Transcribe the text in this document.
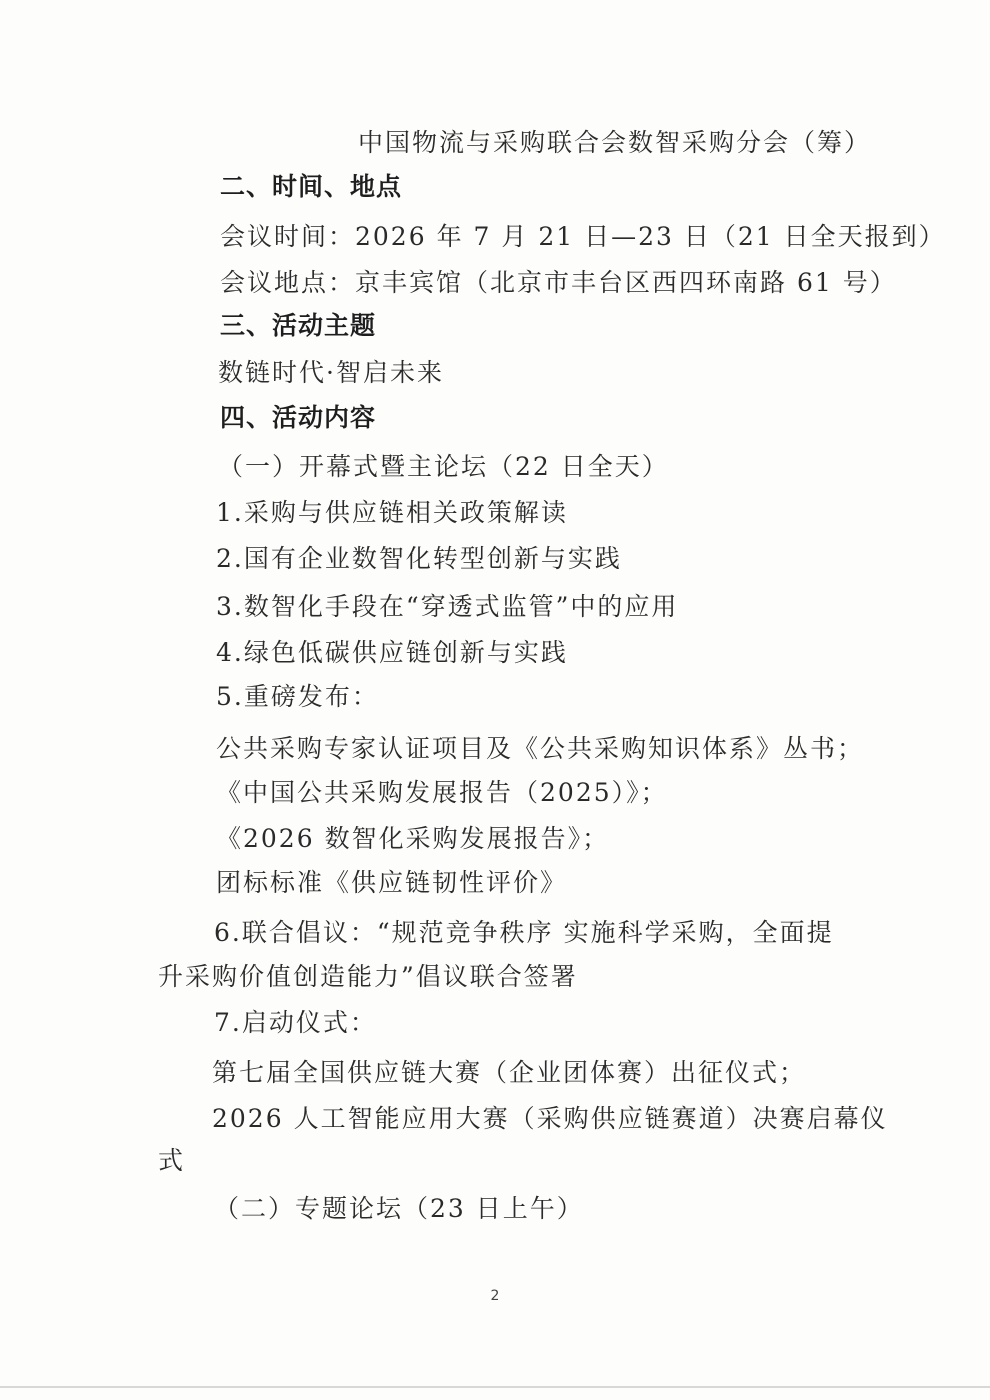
中国物流与采购联合会数智采购分会（筹）
二、时间、地点
会议时间：2026 年 7 月 21 日—23 日（21 日全天报到）
会议地点：京丰宾馆（北京市丰台区西四环南路 61 号）
三、活动主题
数链时代·智启未来
四、活动内容
（一）开幕式暨主论坛（22 日全天）
1.采购与供应链相关政策解读
2.国有企业数智化转型创新与实践
3.数智化手段在“穿透式监管”中的应用
4.绿色低碳供应链创新与实践
5.重磅发布：
公共采购专家认证项目及《公共采购知识体系》丛书；
《中国公共采购发展报告（2025）》；
《2026 数智化采购发展报告》；
团标标准《供应链韧性评价》
6.联合倡议：“规范竞争秩序 实施科学采购，全面提
升采购价值创造能力”倡议联合签署
7.启动仪式：
第七届全国供应链大赛（企业团体赛）出征仪式；
2026 人工智能应用大赛（采购供应链赛道）决赛启幕仪
式
（二）专题论坛（23 日上午）
2
